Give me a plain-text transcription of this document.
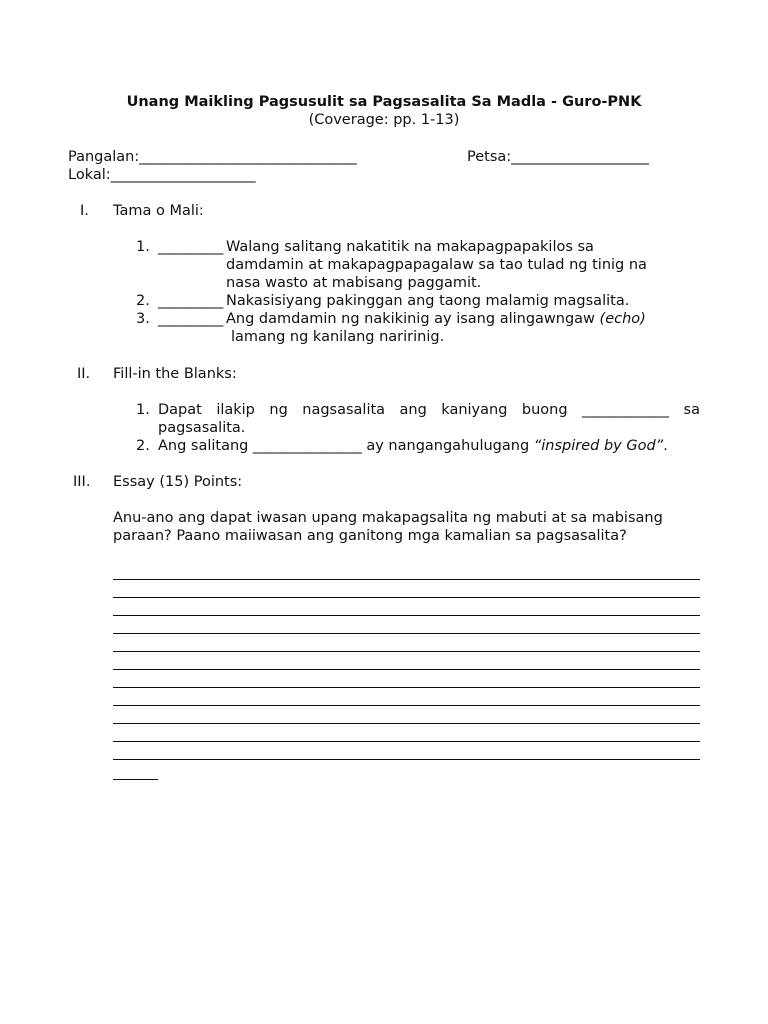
Unang Maikling Pagsusulit sa Pagsasalita Sa Madla - Guro-PNK
(Coverage: pp. 1-13)
Pangalan:______________________________	Petsa:___________________
Lokal:____________________
I. Tama o Mali:
1. _________ Walang salitang nakatitik na makapagpapakilos sa
damdamin at makapagpapagalaw sa tao tulad ng tinig na
nasa wasto at mabisang paggamit.
2. _________ Nakasisiyang pakinggan ang taong malamig magsalita.
3. _________ Ang damdamin ng nakikinig ay isang alingawngaw (echo)
lamang ng kanilang naririnig.
II. Fill-in the Blanks:
1. Dapat ilakip ng nagsasalita ang kaniyang buong ____________ sa
pagsasalita.
2. Ang salitang _______________ ay nangangahulugang “inspired by God”.
III. Essay (15) Points:
Anu-ano ang dapat iwasan upang makapagsalita ng mabuti at sa mabisang
paraan? Paano maiiwasan ang ganitong mga kamalian sa pagsasalita?
